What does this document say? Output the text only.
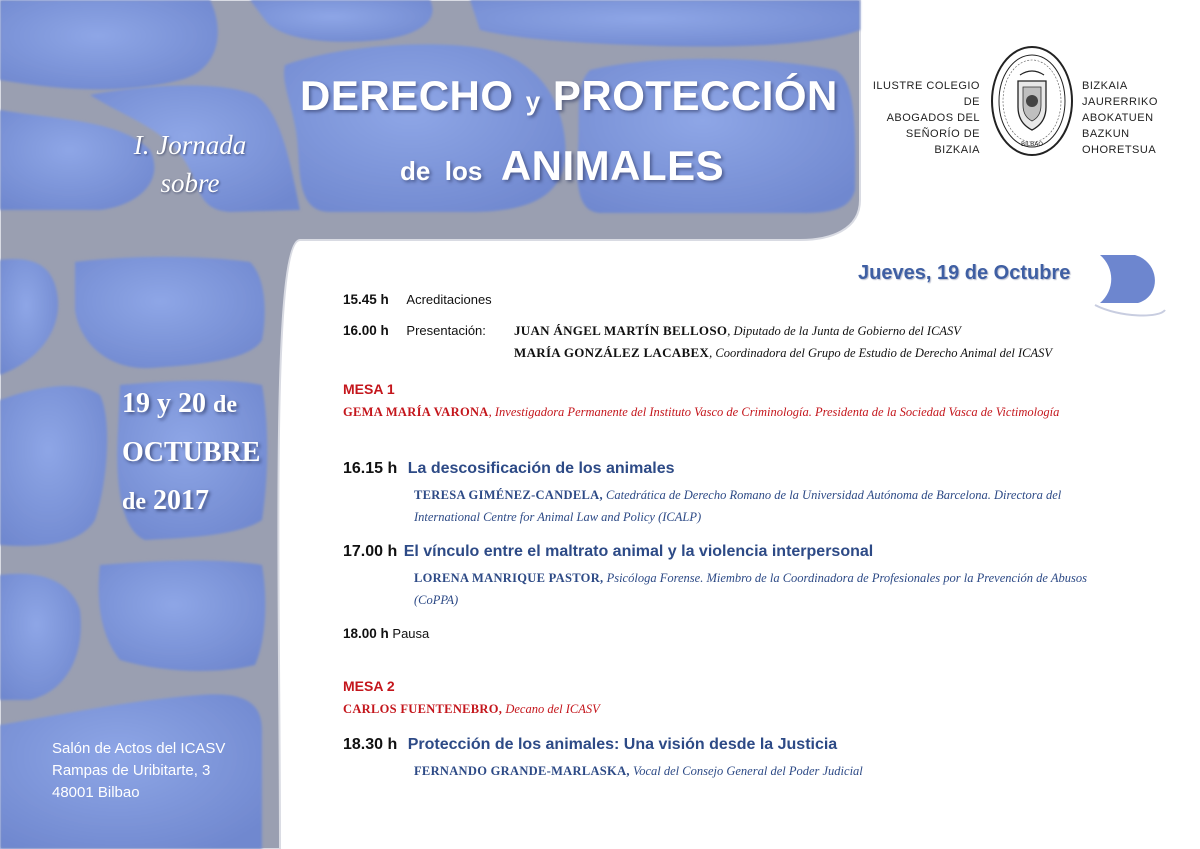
DERECHO y PROTECCIÓN
de  los ANIMALES
I. Jornada
sobre
19 y 20 de
OCTUBRE
de 2017
Salón de Actos del ICASV
Rampas de Uribitarte, 3
48001 Bilbao
ILUSTRE COLEGIO DE
ABOGADOS DEL
SEÑORÍO DE BIZKAIA	BILBAO
BIZKAIA JAURERRIKO
ABOKATUEN BAZKUN
OHORETSUA
Jueves, 19 de Octubre
15.45 h Acreditaciones
16.00 h Presentación: JUAN ÁNGEL MARTÍN BELLOSO, Diputado de la Junta de Gobierno del ICASV
MARÍA GONZÁLEZ LACABEX, Coordinadora del Grupo de Estudio de Derecho Animal del ICASV
MESA 1
GEMA MARÍA VARONA, Investigadora Permanente del Instituto Vasco de Criminología. Presidenta de la Sociedad Vasca de Victimología
16.15 h La descosificación de los animales
TERESA GIMÉNEZ-CANDELA, Catedrática de Derecho Romano de la Universidad Autónoma de Barcelona. Directora del International Centre for Animal Law and Policy (ICALP)
17.00 h El vínculo entre el maltrato animal y la violencia interpersonal
LORENA MANRIQUE PASTOR, Psicóloga Forense. Miembro de la Coordinadora de Profesionales por la Prevención de Abusos (CoPPA)
18.00 h Pausa
MESA 2
CARLOS FUENTENEBRO, Decano del ICASV
18.30 h Protección de los animales: Una visión desde la Justicia
FERNANDO GRANDE-MARLASKA, Vocal del Consejo General del Poder Judicial
